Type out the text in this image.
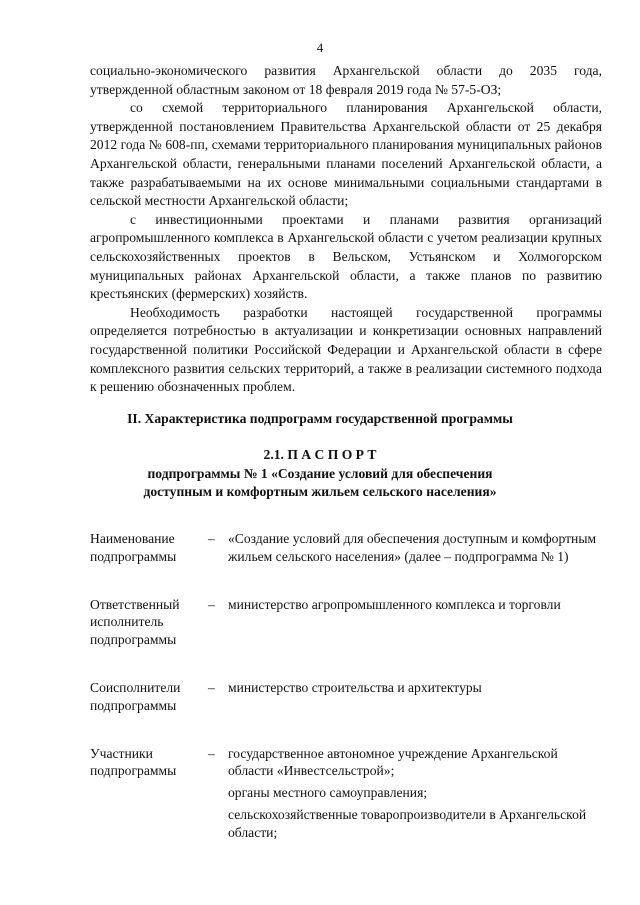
4

социально-экономического развития Архангельской области до 2035 года, утвержденной областным законом от 18 февраля 2019 года № 57-5-ОЗ;

со схемой территориального планирования Архангельской области, утвержденной постановлением Правительства Архангельской области от 25 декабря 2012 года № 608-пп, схемами территориального планирования муниципальных районов Архангельской области, генеральными планами поселений Архангельской области, а также разрабатываемыми на их основе минимальными социальными стандартами в сельской местности Архангельской области;

с инвестиционными проектами и планами развития организаций агропромышленного комплекса в Архангельской области с учетом реализации крупных сельскохозяйственных проектов в Вельском, Устьянском и Холмогорском муниципальных районах Архангельской области, а также планов по развитию крестьянских (фермерских) хозяйств.

Необходимость разработки настоящей государственной программы определяется потребностью в актуализации и конкретизации основных направлений государственной политики Российской Федерации и Архангельской области в сфере комплексного развития сельских территорий, а также в реализации системного подхода к решению обозначенных проблем.

II. Характеристика подпрограмм государственной программы
2.1. П А С П О Р Т
подпрограммы № 1 «Создание условий для обеспечения
доступным и комфортным жильем сельского населения»
Наименование
подпрограммы
– «Создание условий для обеспечения доступным и комфортным жильем сельского населения» (далее – подпрограмма № 1)

Ответственный
исполнитель
подпрограммы
– министерство агропромышленного комплекса и торговли

Соисполнители
подпрограммы
– министерство строительства и архитектуры

Участники
подпрограммы
– государственное автономное учреждение Архангельской области «Инвестсельстрой»;

органы местного самоуправления;

сельскохозяйственные товаропроизводители в Архангельской области;
